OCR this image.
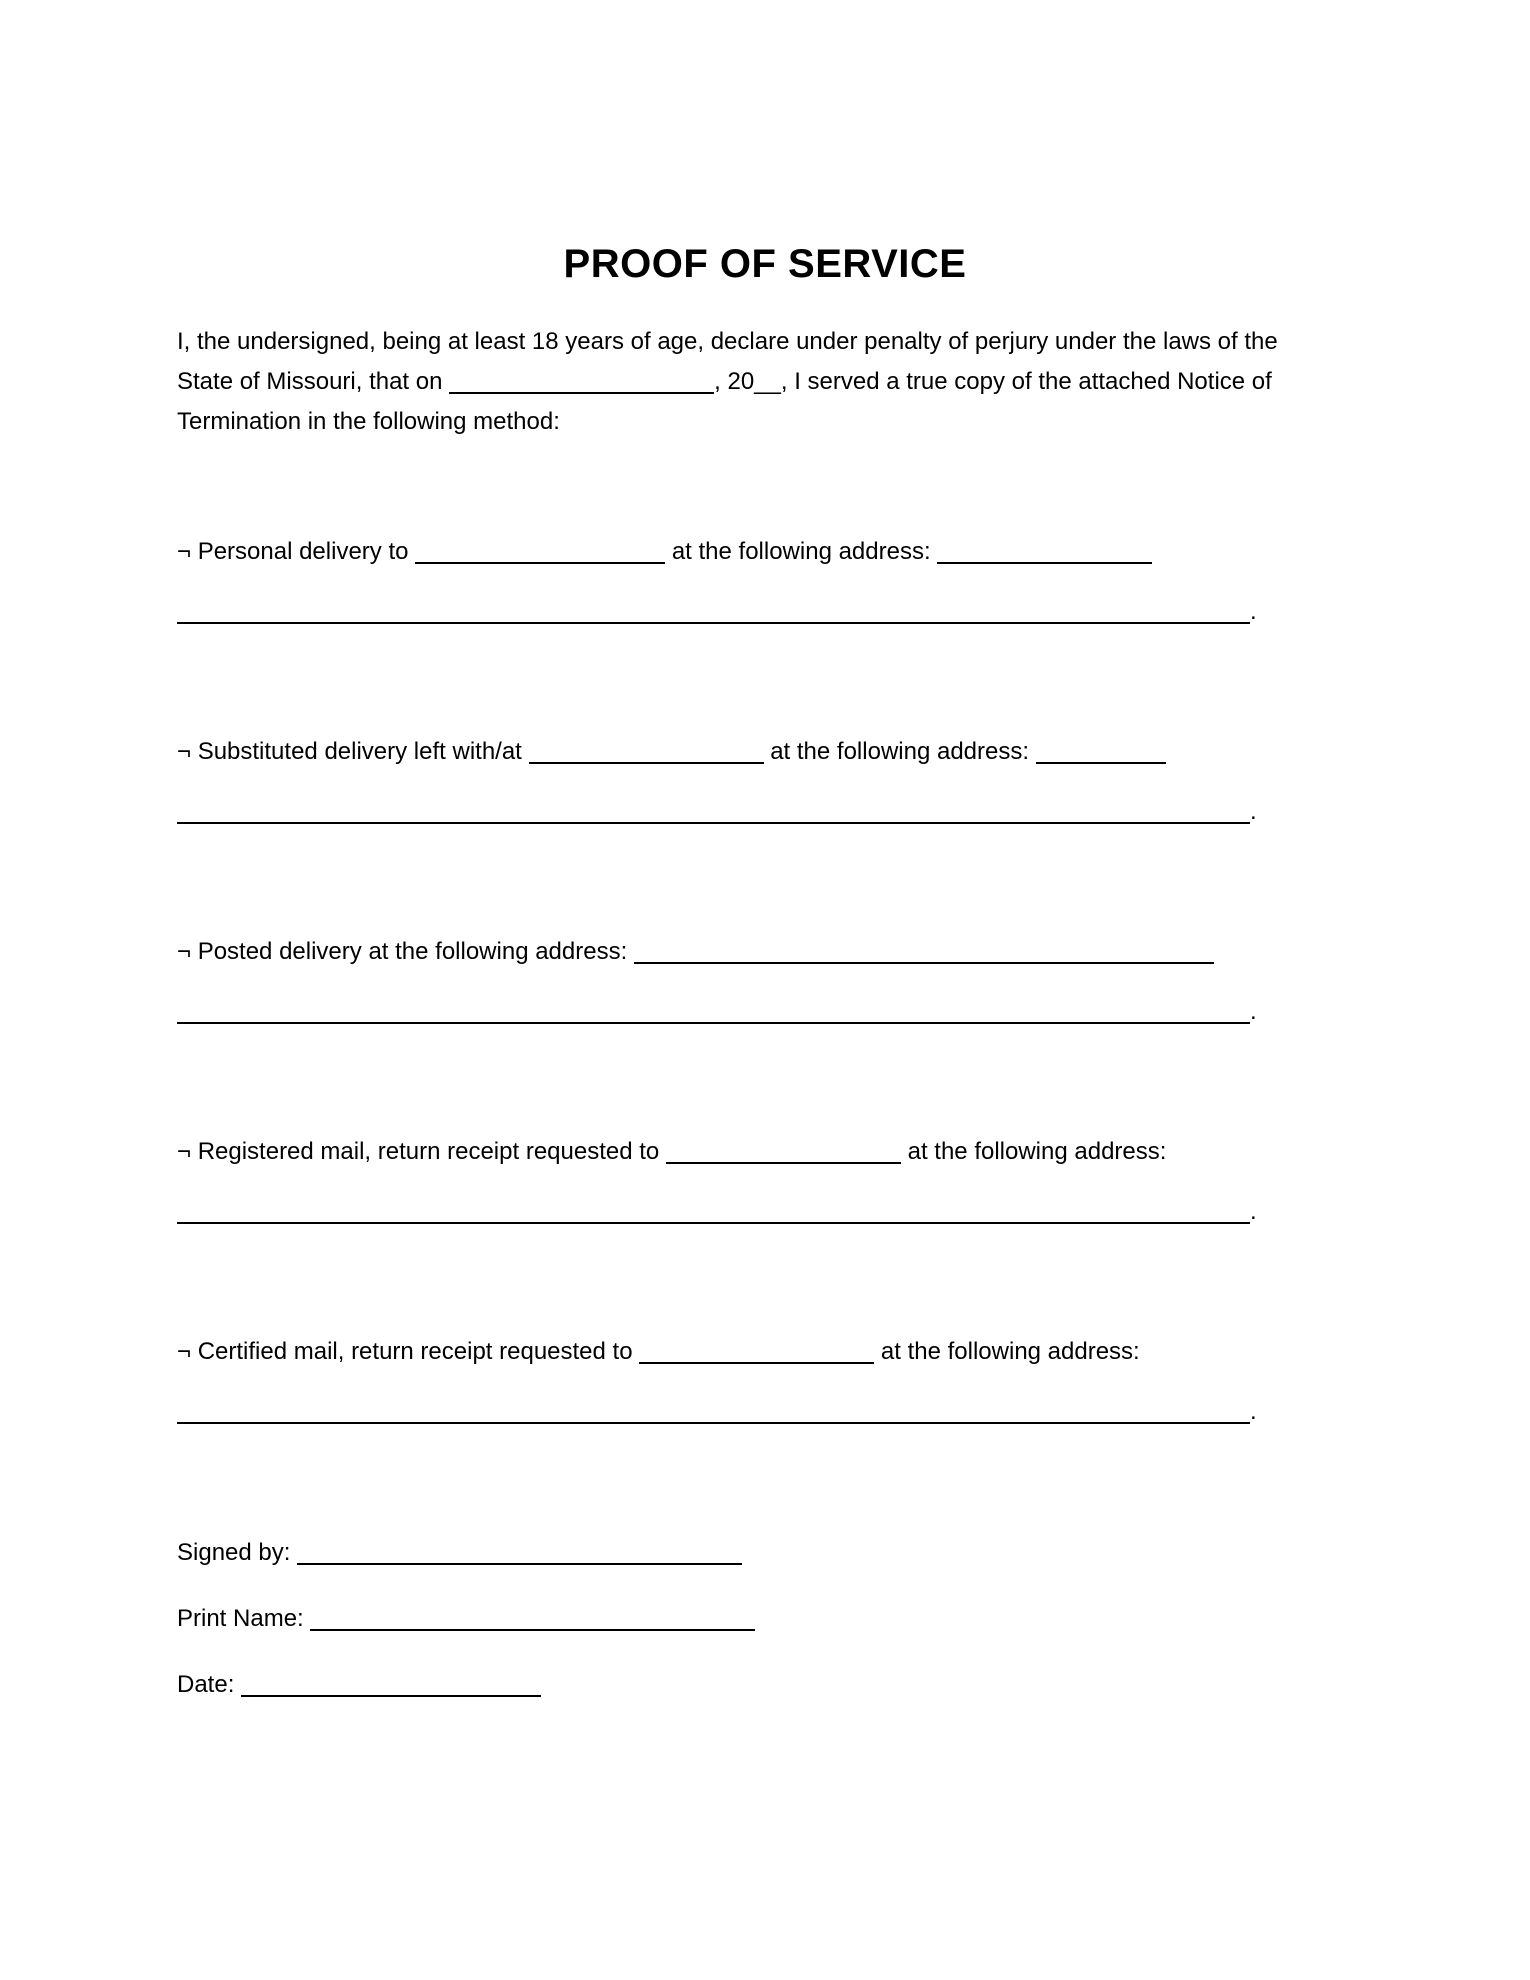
PROOF OF SERVICE
I, the undersigned, being at least 18 years of age, declare under penalty of perjury under the laws of the
State of Missouri, that on	, 20__, I served a true copy of the attached Notice of
Termination in the following method:
¬ Personal delivery to	at the following address:
.
¬ Substituted delivery left with/at	at the following address:
.
¬ Posted delivery at the following address:
.
¬ Registered mail, return receipt requested to	at the following address:
.
¬ Certified mail, return receipt requested to	at the following address:
.
Signed by:
Print Name:
Date:
